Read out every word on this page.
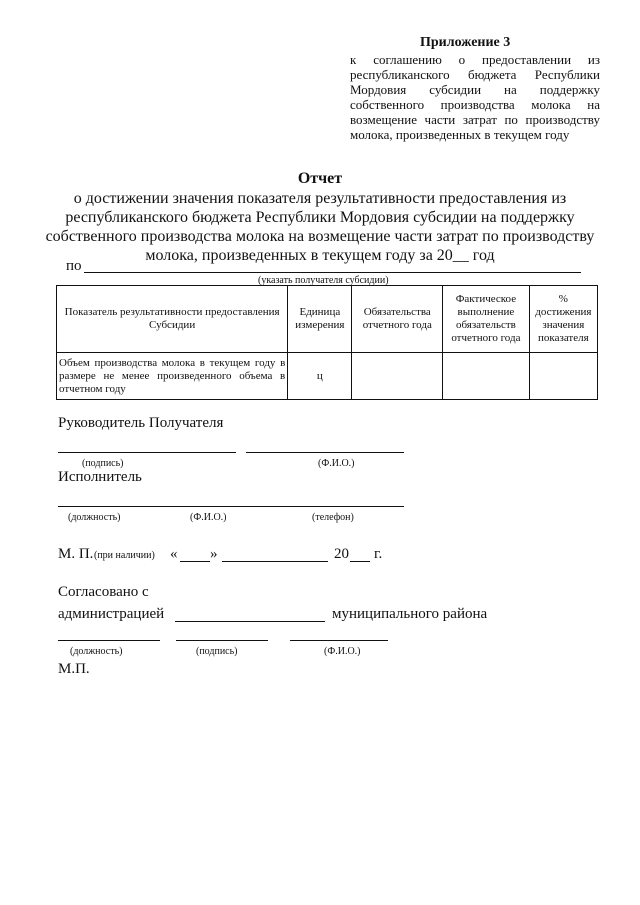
Приложение 3
к соглашению о предоставлении из
республиканского бюджета Республики
Мордовия субсидии на поддержку
собственного производства молока на
возмещение части затрат по производству
молока, произведенных в текущем году
Отчет
о достижении значения показателя результативности предоставления из
республиканского бюджета Республики Мордовия субсидии на поддержку
собственного производства молока на возмещение части затрат по производству
молока, произведенных в текущем году за 20__ год
по
(указать получателя субсидии)
Показатель результативности предоставления Субсидии	Единица измерения	Обязательства отчетного года	Фактическое выполнение обязательств отчетного года	% достижения значения показателя
Объем производства молока в текущем году в размере не менее произведенного объема в отчетном году	ц			
Руководитель Получателя
(подпись)	(Ф.И.О.)
Исполнитель
(должность)	(Ф.И.О.)	(телефон)
М. П. (при наличии) « »	20 г.
Согласовано с
администрацией	муниципального района
(должность)	(подпись)	(Ф.И.О.)
М.П.
